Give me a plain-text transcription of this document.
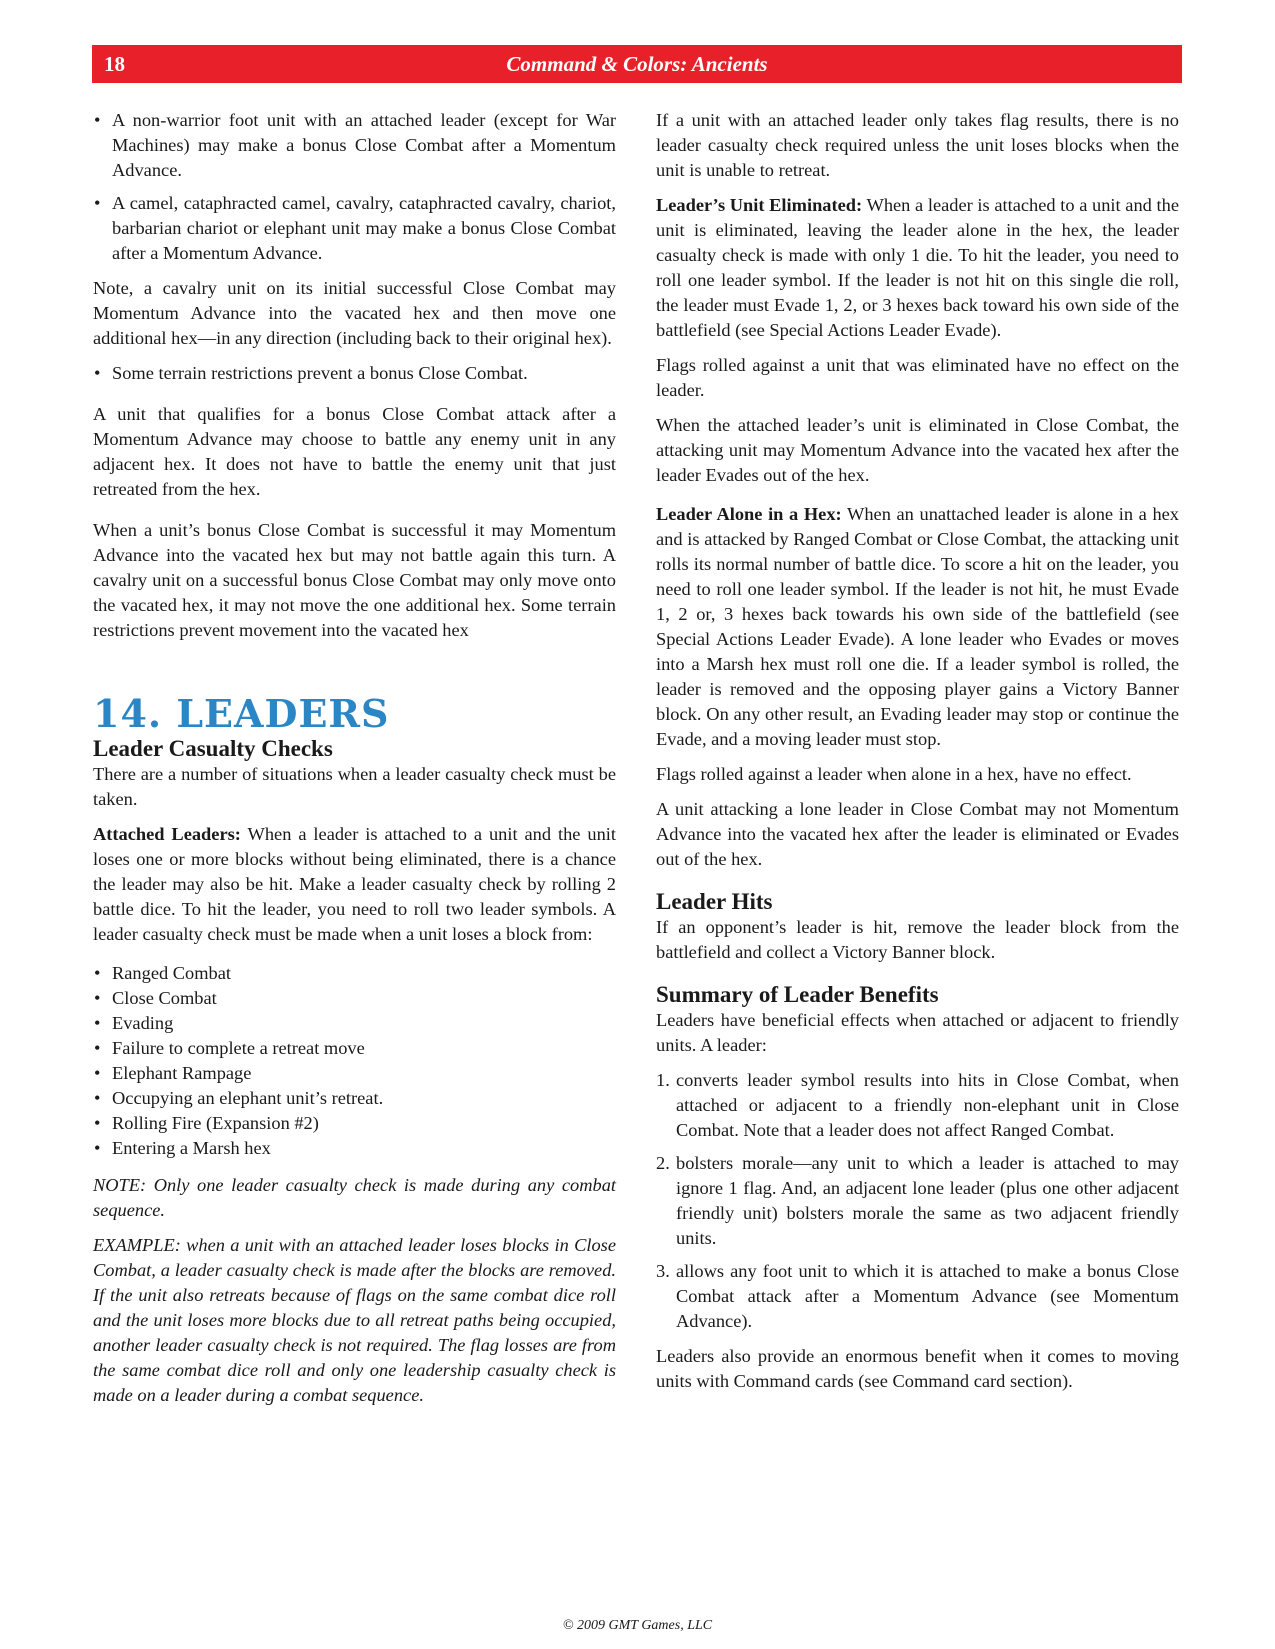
18	Command & Colors: Ancients
• A non-warrior foot unit with an attached leader (except for War Machines) may make a bonus Close Combat after a Momentum Advance.
• A camel, cataphracted camel, cavalry, cataphracted cavalry, chariot, barbarian chariot or elephant unit may make a bonus Close Combat after a Momentum Advance.

Note, a cavalry unit on its initial successful Close Combat may Momentum Advance into the vacated hex and then move one additional hex—in any direction (including back to their original hex).

• Some terrain restrictions prevent a bonus Close Combat.

A unit that qualifies for a bonus Close Combat attack after a Momentum Advance may choose to battle any enemy unit in any adjacent hex. It does not have to battle the enemy unit that just retreated from the hex.

When a unit’s bonus Close Combat is successful it may Momentum Advance into the vacated hex but may not battle again this turn. A cavalry unit on a successful bonus Close Combat may only move onto the vacated hex, it may not move the one additional hex. Some terrain restrictions prevent movement into the vacated hex

14. LEADERS
Leader Casualty Checks

There are a number of situations when a leader casualty check must be taken.

Attached Leaders: When a leader is attached to a unit and the unit loses one or more blocks without being eliminated, there is a chance the leader may also be hit. Make a leader casualty check by rolling 2 battle dice. To hit the leader, you need to roll two leader symbols. A leader casualty check must be made when a unit loses a block from:

• Ranged Combat
• Close Combat
• Evading
• Failure to complete a retreat move
• Elephant Rampage
• Occupying an elephant unit’s retreat.
• Rolling Fire (Expansion #2)
• Entering a Marsh hex

NOTE: Only one leader casualty check is made during any combat sequence.

EXAMPLE: when a unit with an attached leader loses blocks in Close Combat, a leader casualty check is made after the blocks are removed. If the unit also retreats because of flags on the same combat dice roll and the unit loses more blocks due to all retreat paths being occupied, another leader casualty check is not required. The flag losses are from the same combat dice roll and only one leadership casualty check is made on a leader during a combat sequence.

If a unit with an attached leader only takes flag results, there is no leader casualty check required unless the unit loses blocks when the unit is unable to retreat.

Leader’s Unit Eliminated: When a leader is attached to a unit and the unit is eliminated, leaving the leader alone in the hex, the leader casualty check is made with only 1 die. To hit the leader, you need to roll one leader symbol. If the leader is not hit on this single die roll, the leader must Evade 1, 2, or 3 hexes back toward his own side of the battlefield (see Special Actions Leader Evade).

Flags rolled against a unit that was eliminated have no effect on the leader.

When the attached leader’s unit is eliminated in Close Combat, the attacking unit may Momentum Advance into the vacated hex after the leader Evades out of the hex.

Leader Alone in a Hex: When an unattached leader is alone in a hex and is attacked by Ranged Combat or Close Combat, the attacking unit rolls its normal number of battle dice. To score a hit on the leader, you need to roll one leader symbol. If the leader is not hit, he must Evade 1, 2 or, 3 hexes back towards his own side of the battlefield (see Special Actions Leader Evade). A lone leader who Evades or moves into a Marsh hex must roll one die. If a leader symbol is rolled, the leader is removed and the opposing player gains a Victory Banner block. On any other result, an Evading leader may stop or continue the Evade, and a moving leader must stop.

Flags rolled against a leader when alone in a hex, have no effect.

A unit attacking a lone leader in Close Combat may not Momentum Advance into the vacated hex after the leader is eliminated or Evades out of the hex.

Leader Hits

If an opponent’s leader is hit, remove the leader block from the battlefield and collect a Victory Banner block.

Summary of Leader Benefits

Leaders have beneficial effects when attached or adjacent to friendly units. A leader:

1. converts leader symbol results into hits in Close Combat, when attached or adjacent to a friendly non-elephant unit in Close Combat. Note that a leader does not affect Ranged Combat.
2. bolsters morale—any unit to which a leader is attached to may ignore 1 flag. And, an adjacent lone leader (plus one other adjacent friendly unit) bolsters morale the same as two adjacent friendly units.
3. allows any foot unit to which it is attached to make a bonus Close Combat attack after a Momentum Advance (see Momentum Advance).

Leaders also provide an enormous benefit when it comes to moving units with Command cards (see Command card section).

© 2009 GMT Games, LLC
